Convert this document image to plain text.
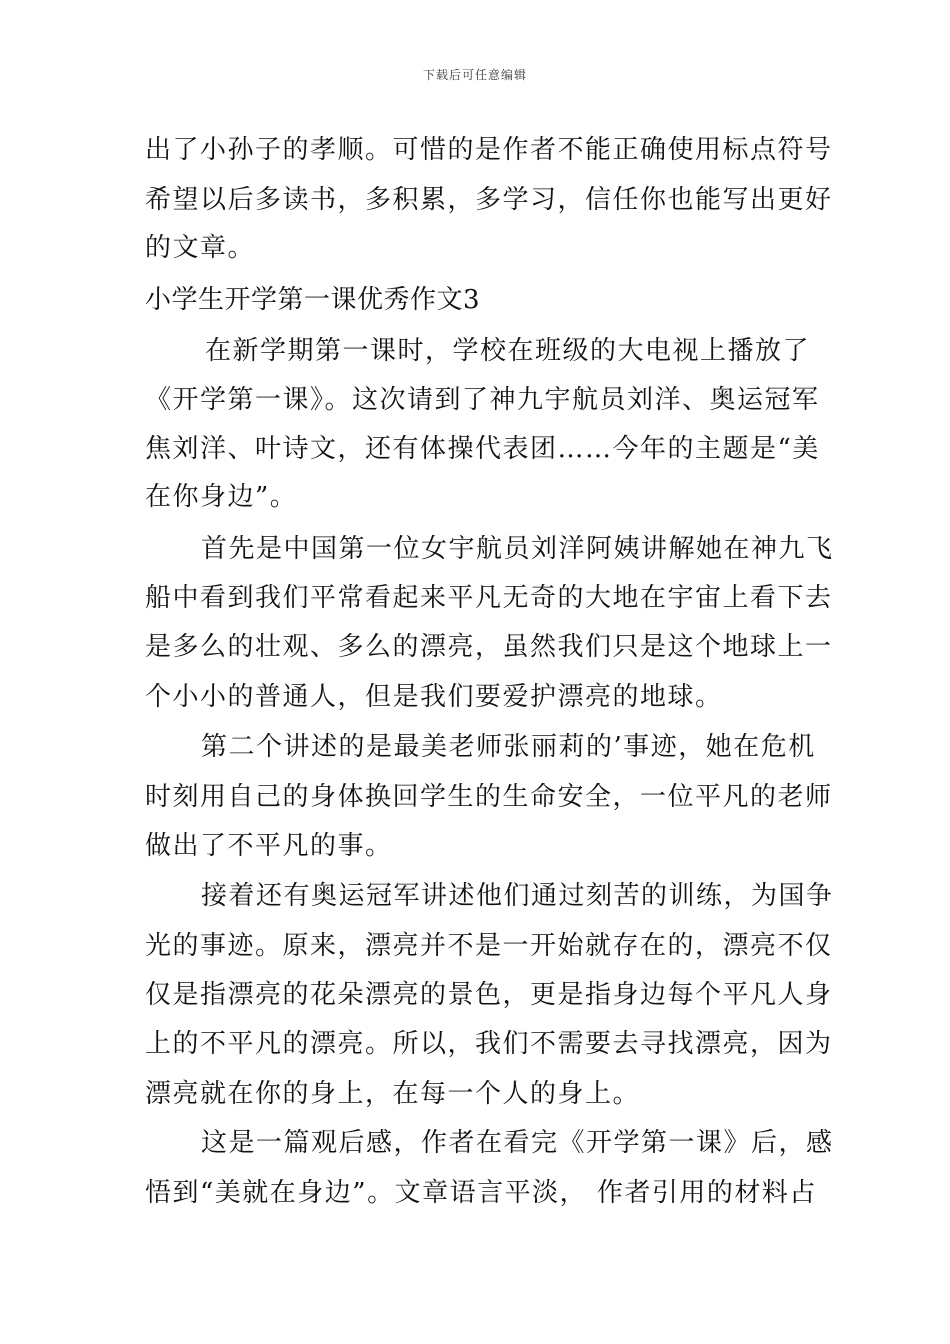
下载后可任意编辑
出了小孙子的孝顺。可惜的是作者不能正确使用标点符号
希望以后多读书，多积累，多学习，信任你也能写出更好
的文章。
小学生开学第一课优秀作文3
在新学期第一课时，学校在班级的大电视上播放了
《开学第一课》。这次请到了神九宇航员刘洋、奥运冠军
焦刘洋、叶诗文，还有体操代表团……今年的主题是“美
在你身边”。
首先是中国第一位女宇航员刘洋阿姨讲解她在神九飞
船中看到我们平常看起来平凡无奇的大地在宇宙上看下去
是多么的壮观、多么的漂亮，虽然我们只是这个地球上一
个小小的普通人，但是我们要爱护漂亮的地球。
第二个讲述的是最美老师张丽莉的’事迹，她在危机
时刻用自己的身体换回学生的生命安全，一位平凡的老师
做出了不平凡的事。
接着还有奥运冠军讲述他们通过刻苦的训练，为国争
光的事迹。原来，漂亮并不是一开始就存在的，漂亮不仅
仅是指漂亮的花朵漂亮的景色，更是指身边每个平凡人身
上的不平凡的漂亮。所以，我们不需要去寻找漂亮，因为
漂亮就在你的身上，在每一个人的身上。
这是一篇观后感，作者在看完《开学第一课》后，感
悟到“美就在身边”。文章语言平淡， 作者引用的材料占
